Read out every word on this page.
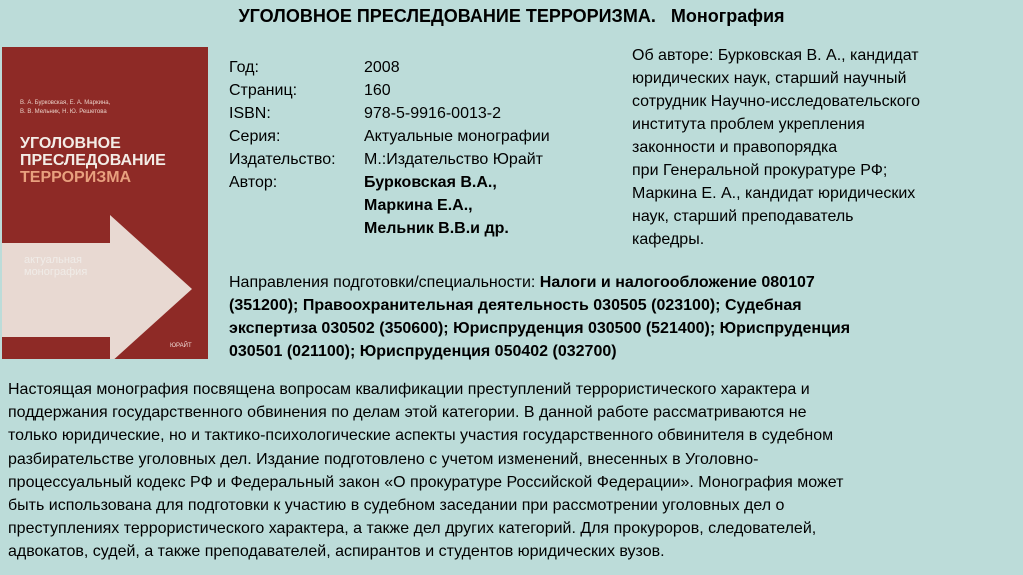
УГОЛОВНОЕ ПРЕСЛЕДОВАНИЕ ТЕРРОРИЗМА. Монография
В. А. Бурковская, Е. А. Маркина,
В. В. Мельник, Н. Ю. Решетова
УГОЛОВНОЕ
ПРЕСЛЕДОВАНИЕ
ТЕРРОРИЗМА
актуальная
монография
ЮРАЙТ
Год:	2008
Страниц:	160
ISBN:	978-5-9916-0013-2
Серия:	Актуальные монографии
Издательство:	М.:Издательство Юрайт
Автор:	Бурковская В.А.,
Маркина Е.А.,
Мельник В.В.и др.
Об авторе: Бурковская В. А., кандидат
юридических наук, старший научный
сотрудник Научно-исследовательского
института проблем укрепления
законности и правопорядка
при Генеральной прокуратуре РФ;
Маркина Е. А., кандидат юридических
наук, старший преподаватель
кафедры.
Направления подготовки/специальности: Налоги и налогообложение 080107
(351200); Правоохранительная деятельность 030505 (023100); Судебная
экспертиза 030502 (350600); Юриспруденция 030500 (521400); Юриспруденция
030501 (021100); Юриспруденция 050402 (032700)
Настоящая монография посвящена вопросам квалификации преступлений террористического характера и
поддержания государственного обвинения по делам этой категории. В данной работе рассматриваются не
только юридические, но и тактико-психологические аспекты участия государственного обвинителя в судебном
разбирательстве уголовных дел. Издание подготовлено с учетом изменений, внесенных в Уголовно-
процессуальный кодекс РФ и Федеральный закон «О прокуратуре Российской Федерации». Монография может
быть использована для подготовки к участию в судебном заседании при рассмотрении уголовных дел о
преступлениях террористического характера, а также дел других категорий. Для прокуроров, следователей,
адвокатов, судей, а также преподавателей, аспирантов и студентов юридических вузов.
